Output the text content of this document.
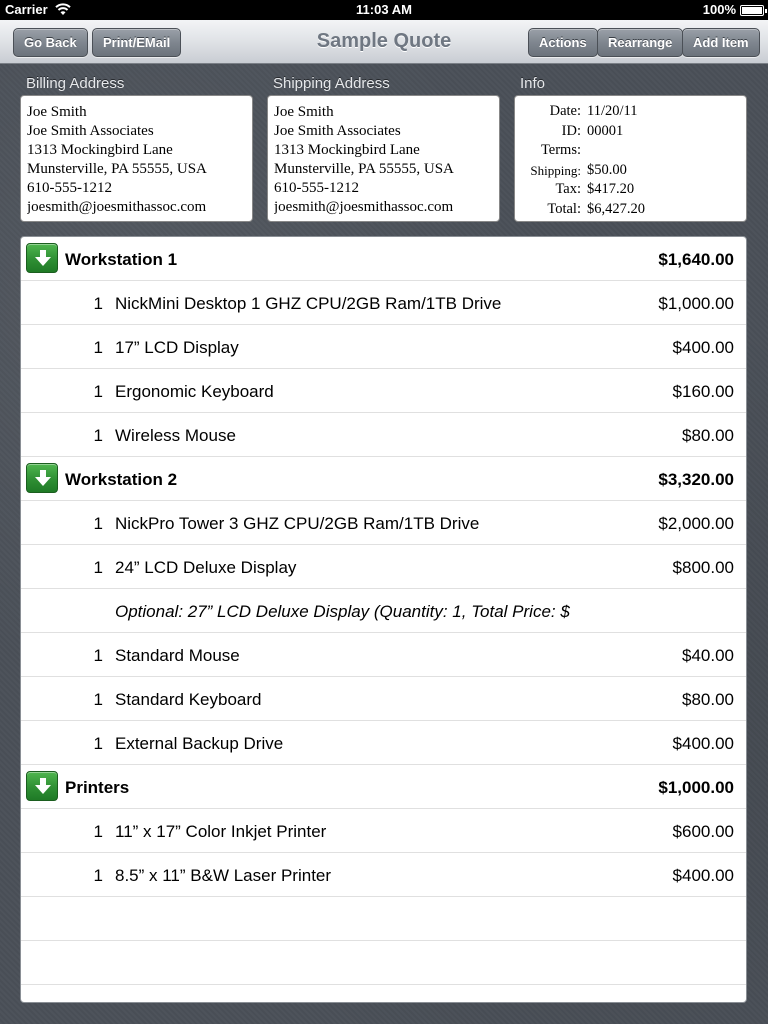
Carrier	11:03 AM	100%
Go Back	Print/EMail	Sample Quote	Actions	Rearrange	Add Item
Billing Address	Shipping Address	Info
Joe Smith
Joe Smith Associates
1313 Mockingbird Lane
Munsterville, PA 55555, USA
610-555-1212
joesmith@joesmithassoc.com
Joe Smith
Joe Smith Associates
1313 Mockingbird Lane
Munsterville, PA 55555, USA
610-555-1212
joesmith@joesmithassoc.com
Date: 11/20/11
ID: 00001
Terms:
Shipping: $50.00
Tax: $417.20
Total: $6,427.20
Workstation 1	$1,640.00
1 NickMini Desktop 1 GHZ CPU/2GB Ram/1TB Drive	$1,000.00
1 17” LCD Display	$400.00
1 Ergonomic Keyboard	$160.00
1 Wireless Mouse	$80.00
Workstation 2	$3,320.00
1 NickPro Tower 3 GHZ CPU/2GB Ram/1TB Drive	$2,000.00
1 24” LCD Deluxe Display	$800.00
Optional: 27” LCD Deluxe Display (Quantity: 1, Total Price: $
1 Standard Mouse	$40.00
1 Standard Keyboard	$80.00
1 External Backup Drive	$400.00
Printers	$1,000.00
1 11” x 17” Color Inkjet Printer	$600.00
1 8.5” x 11” B&W Laser Printer	$400.00
